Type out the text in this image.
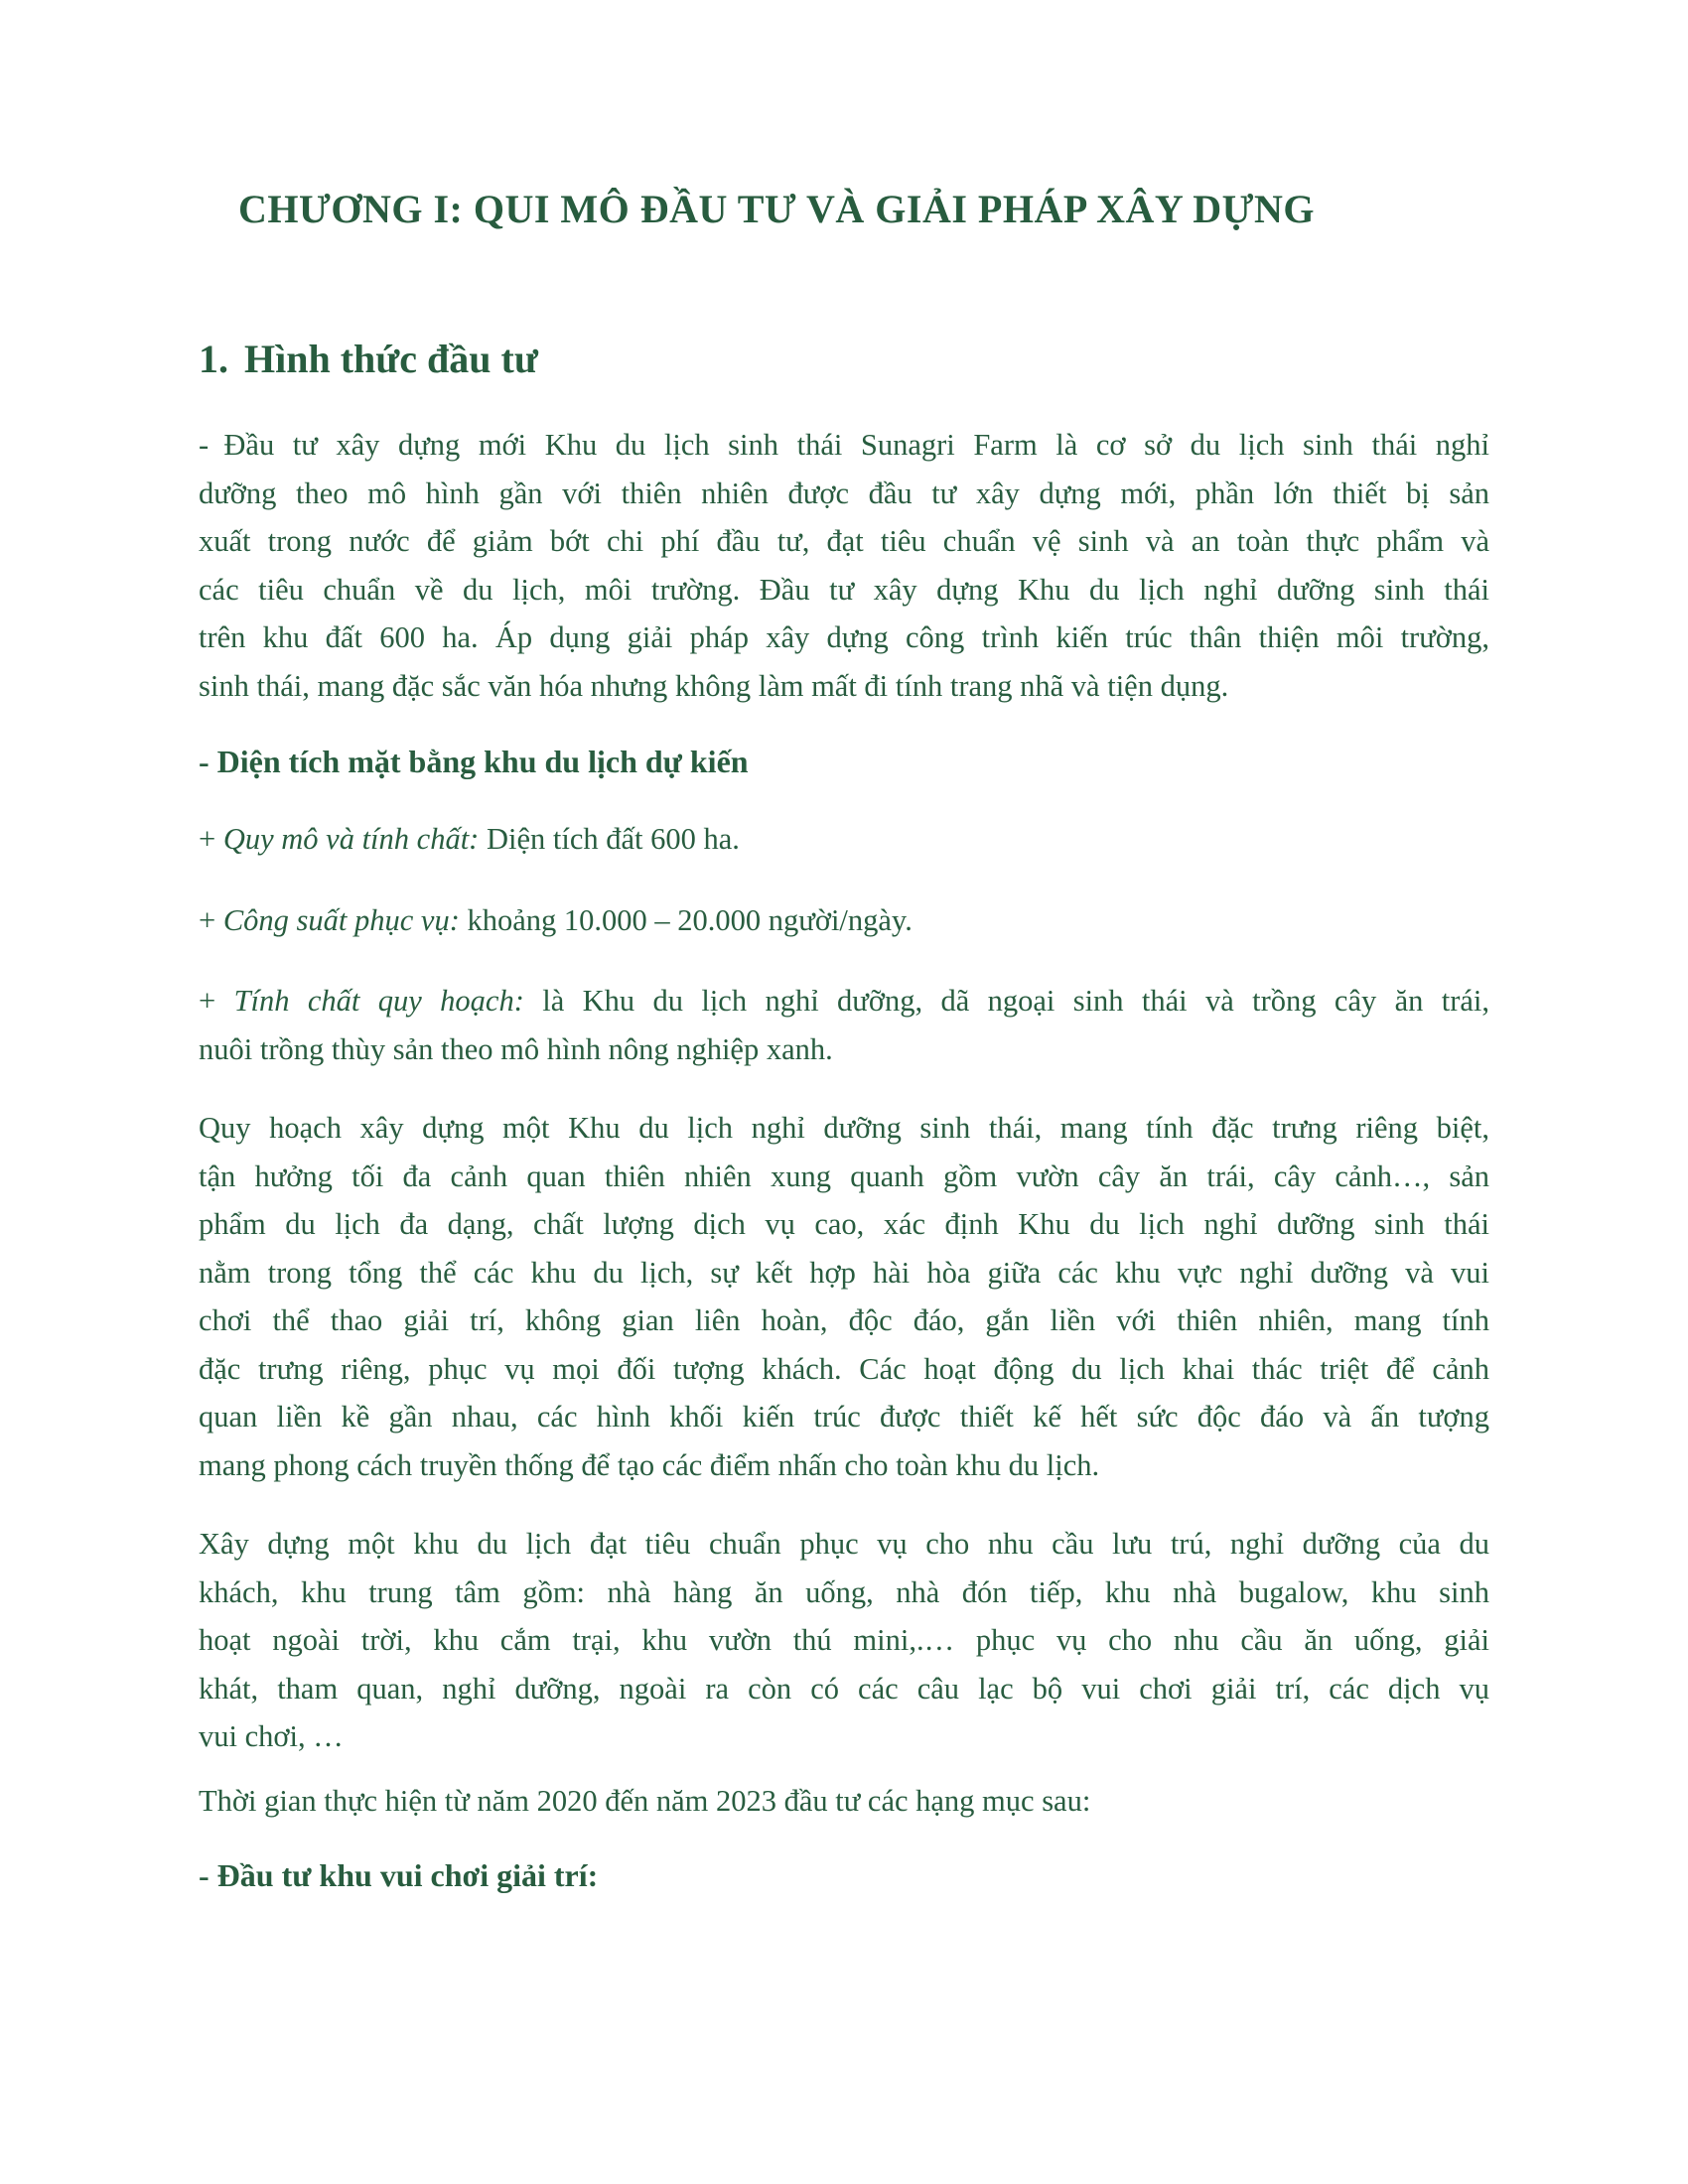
CHƯƠNG I: QUI MÔ ĐẦU TƯ VÀ GIẢI PHÁP XÂY DỰNG
1. Hình thức đầu tư
- Đầu tư xây dựng mới Khu du lịch sinh thái Sunagri Farm là cơ sở du lịch sinh thái nghỉ
dưỡng theo mô hình gần với thiên nhiên được đầu tư xây dựng mới, phần lớn thiết bị sản
xuất trong nước để giảm bớt chi phí đầu tư, đạt tiêu chuẩn vệ sinh và an toàn thực phẩm và
các tiêu chuẩn về du lịch, môi trường. Đầu tư xây dựng Khu du lịch nghỉ dưỡng sinh thái
trên khu đất 600 ha. Áp dụng giải pháp xây dựng công trình kiến trúc thân thiện môi trường,
sinh thái, mang đặc sắc văn hóa nhưng không làm mất đi tính trang nhã và tiện dụng.
- Diện tích mặt bằng khu du lịch dự kiến
+ Quy mô và tính chất: Diện tích đất 600 ha.
+ Công suất phục vụ: khoảng 10.000 – 20.000 người/ngày.
+ Tính chất quy hoạch: là Khu du lịch nghỉ dưỡng, dã ngoại sinh thái và trồng cây ăn trái,
nuôi trồng thùy sản theo mô hình nông nghiệp xanh.
Quy hoạch xây dựng một Khu du lịch nghỉ dưỡng sinh thái, mang tính đặc trưng riêng biệt,
tận hưởng tối đa cảnh quan thiên nhiên xung quanh gồm vườn cây ăn trái, cây cảnh…, sản
phẩm du lịch đa dạng, chất lượng dịch vụ cao, xác định Khu du lịch nghỉ dưỡng sinh thái
nằm trong tổng thể các khu du lịch, sự kết hợp hài hòa giữa các khu vực nghỉ dưỡng và vui
chơi thể thao giải trí, không gian liên hoàn, độc đáo, gắn liền với thiên nhiên, mang tính
đặc trưng riêng, phục vụ mọi đối tượng khách. Các hoạt động du lịch khai thác triệt để cảnh
quan liền kề gần nhau, các hình khối kiến trúc được thiết kế hết sức độc đáo và ấn tượng
mang phong cách truyền thống để tạo các điểm nhấn cho toàn khu du lịch.
Xây dựng một khu du lịch đạt tiêu chuẩn phục vụ cho nhu cầu lưu trú, nghỉ dưỡng của du
khách, khu trung tâm gồm: nhà hàng ăn uống, nhà đón tiếp, khu nhà bugalow, khu sinh
hoạt ngoài trời, khu cắm trại, khu vườn thú mini,.… phục vụ cho nhu cầu ăn uống, giải
khát, tham quan, nghỉ dưỡng, ngoài ra còn có các câu lạc bộ vui chơi giải trí, các dịch vụ
vui chơi, …
Thời gian thực hiện từ năm 2020 đến năm 2023 đầu tư các hạng mục sau:
- Đầu tư khu vui chơi giải trí:
